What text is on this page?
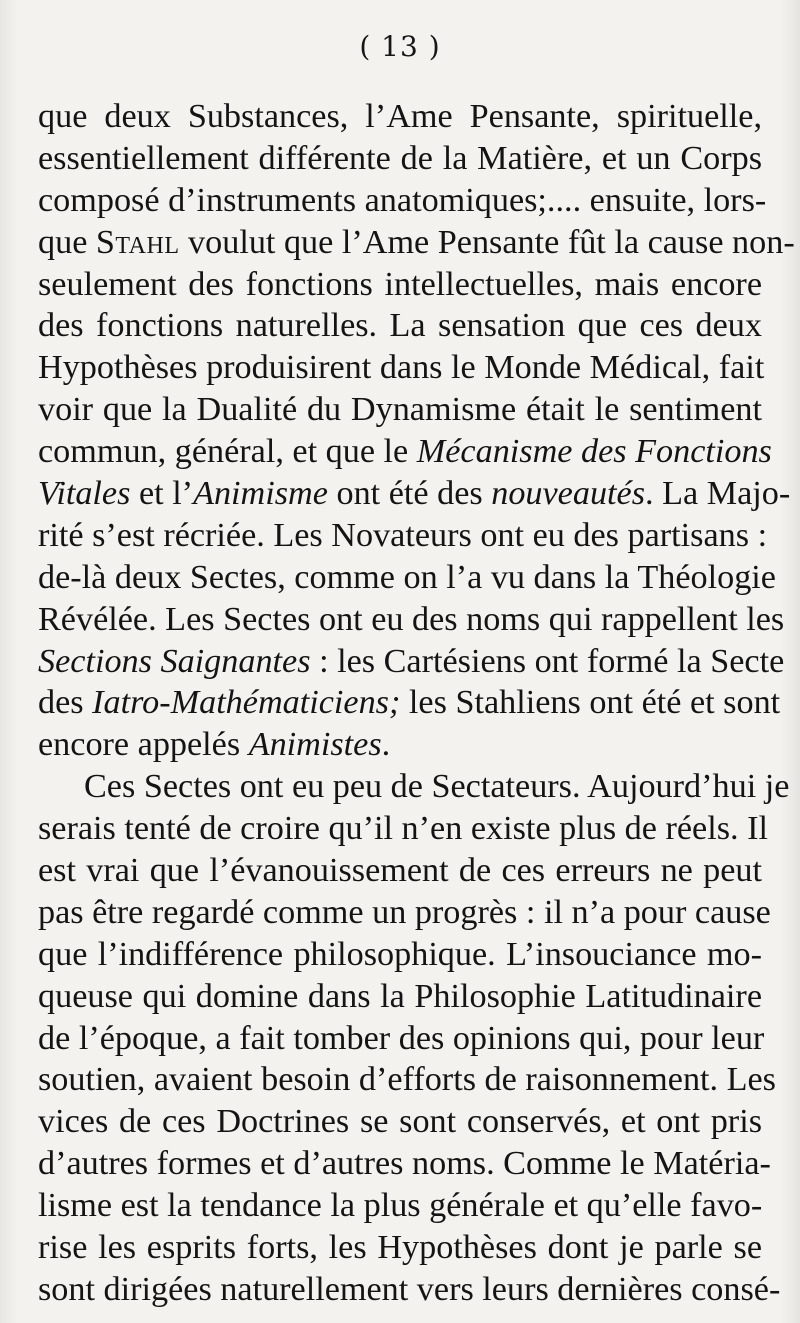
( 13 )
que deux Substances, l’Ame Pensante, spirituelle,
essentiellement différente de la Matière, et un Corps
composé d’instruments anatomiques;.... ensuite, lors-
que Stahl voulut que l’Ame Pensante fût la cause non-
seulement des fonctions intellectuelles, mais encore
des fonctions naturelles. La sensation que ces deux
Hypothèses produisirent dans le Monde Médical, fait
voir que la Dualité du Dynamisme était le sentiment
commun, général, et que le Mécanisme des Fonctions
Vitales et l’Animisme ont été des nouveautés. La Majo-
rité s’est récriée. Les Novateurs ont eu des partisans :
de-là deux Sectes, comme on l’a vu dans la Théologie
Révélée. Les Sectes ont eu des noms qui rappellent les
Sections Saignantes : les Cartésiens ont formé la Secte
des Iatro-Mathématiciens; les Stahliens ont été et sont
encore appelés Animistes.
Ces Sectes ont eu peu de Sectateurs. Aujourd’hui je
serais tenté de croire qu’il n’en existe plus de réels. Il
est vrai que l’évanouissement de ces erreurs ne peut
pas être regardé comme un progrès : il n’a pour cause
que l’indifférence philosophique. L’insouciance mo-
queuse qui domine dans la Philosophie Latitudinaire
de l’époque, a fait tomber des opinions qui, pour leur
soutien, avaient besoin d’efforts de raisonnement. Les
vices de ces Doctrines se sont conservés, et ont pris
d’autres formes et d’autres noms. Comme le Matéria-
lisme est la tendance la plus générale et qu’elle favo-
rise les esprits forts, les Hypothèses dont je parle se
sont dirigées naturellement vers leurs dernières consé-
